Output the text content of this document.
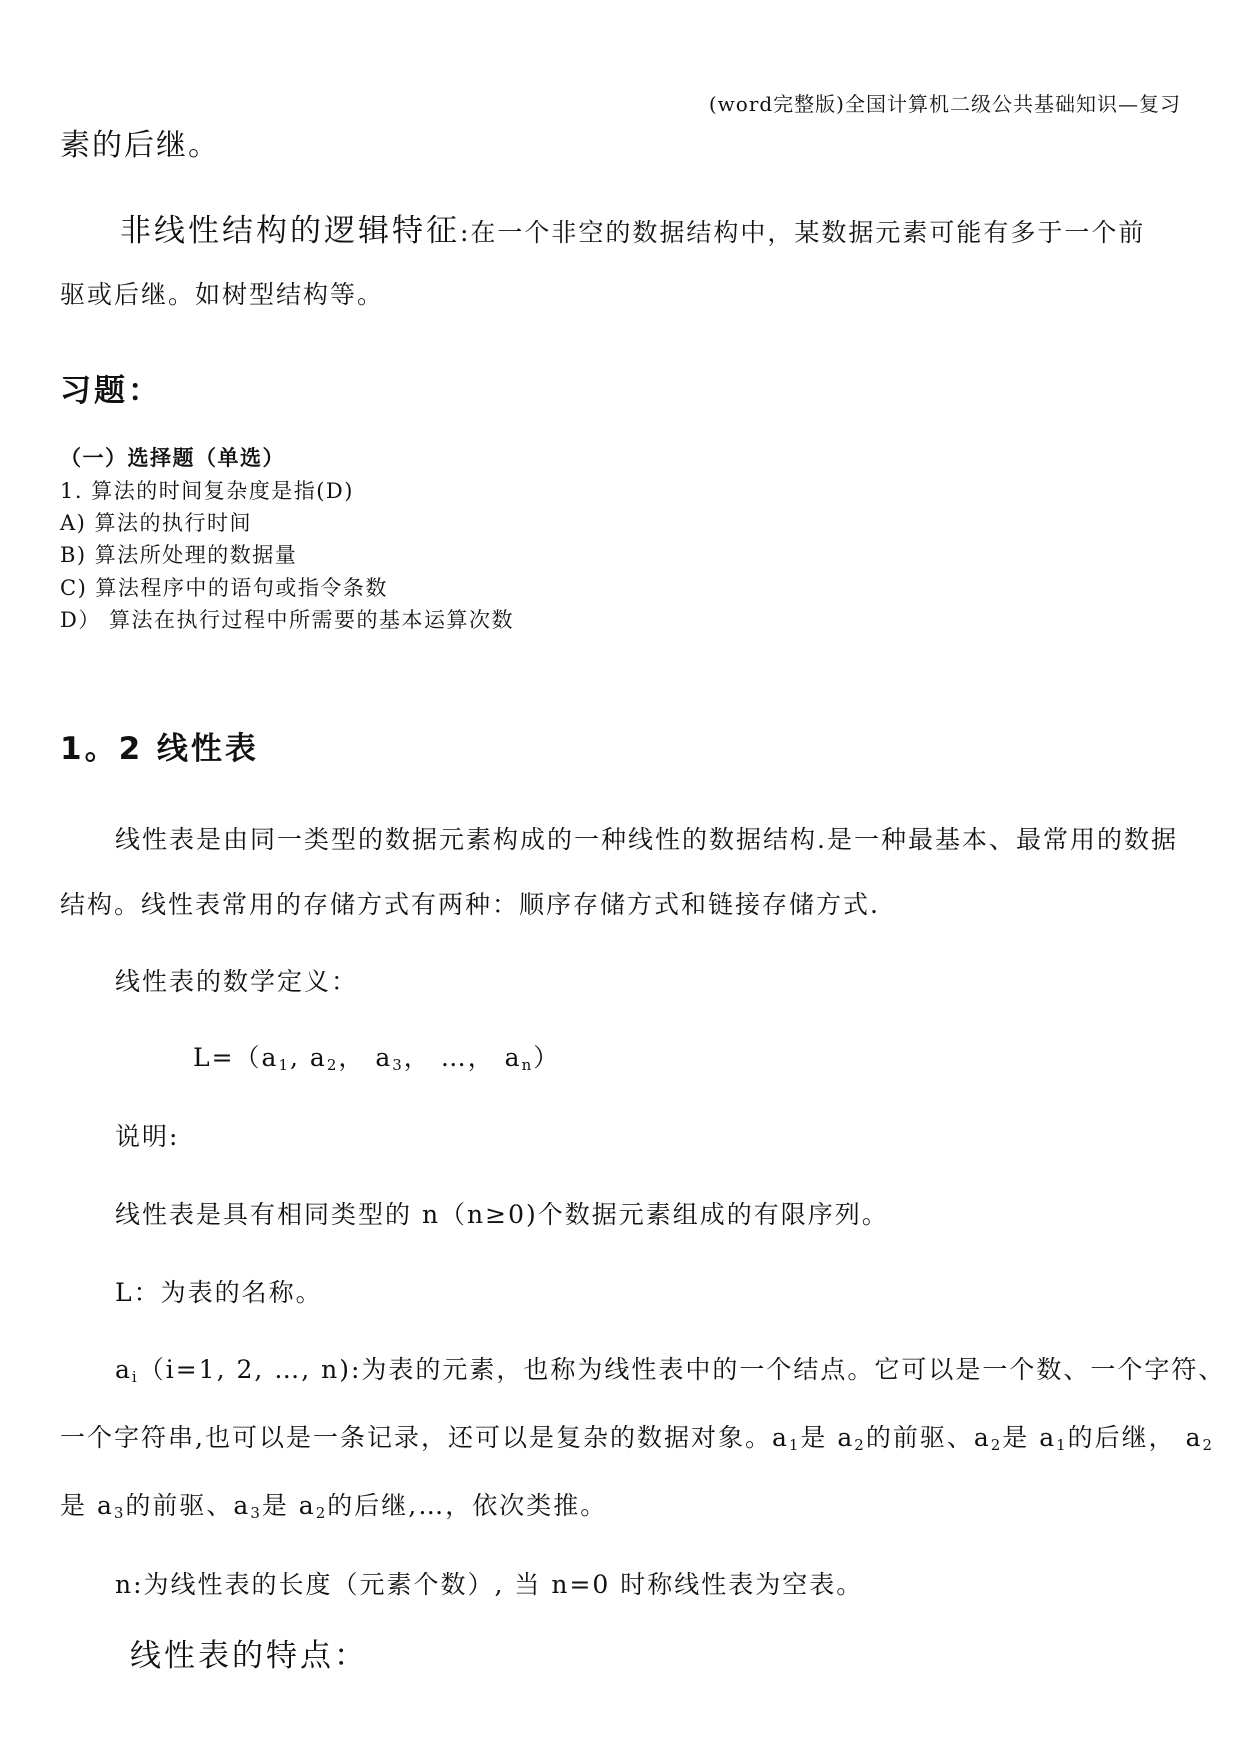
(word完整版)全国计算机二级公共基础知识—复习
素的后继。
非线性结构的逻辑特征:在一个非空的数据结构中，某数据元素可能有多于一个前
驱或后继。如树型结构等。
习题：
（一）选择题（单选）
1. 算法的时间复杂度是指(D)
A) 算法的执行时间
B) 算法所处理的数据量
C) 算法程序中的语句或指令条数
D） 算法在执行过程中所需要的基本运算次数
1。2 线性表
线性表是由同一类型的数据元素构成的一种线性的数据结构.是一种最基本、最常用的数据
结构。线性表常用的存储方式有两种：顺序存储方式和链接存储方式.
线性表的数学定义：
$L=(a_1$, $a_2$， $a_3$， …， $a_n$）
说明:
线性表是具有相同类型的 n（n≥0)个数据元素组成的有限序列。
L：为表的名称。
$a_i(i=1$, 2, …, n):为表的元素，也称为线性表中的一个结点。它可以是一个数、一个字符、
一个字符串,也可以是一条记录，还可以是复杂的数据对象。$a_1$是 $a_2$的前驱、$a_2$是 $a_1$的后继， $a_2$
是 $a_3$的前驱、$a_3$是 $a_2$的后继,…，依次类推。
n:为线性表的长度（元素个数）, 当 n=0 时称线性表为空表。
线性表的特点：
